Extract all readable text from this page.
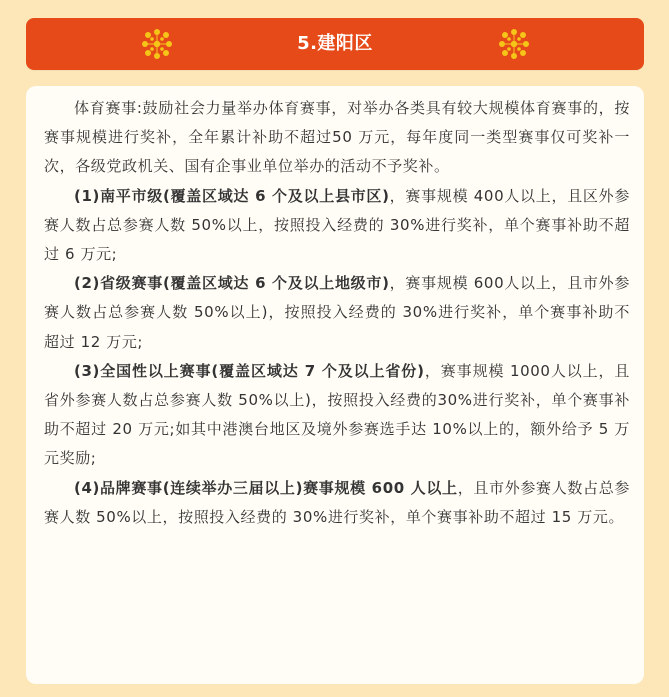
5.建阳区

体育赛事:鼓励社会力量举办体育赛事，对举办各类具有较大规模体育赛事的，按赛事规模进行奖补，全年累计补助不超过50 万元，每年度同一类型赛事仅可奖补一次，各级党政机关、国有企事业单位举办的活动不予奖补。

(1)南平市级(覆盖区域达 6 个及以上县市区)，赛事规模 400人以上，且区外参赛人数占总参赛人数 50%以上，按照投入经费的 30%进行奖补，单个赛事补助不超过 6 万元;

(2)省级赛事(覆盖区域达 6 个及以上地级市)，赛事规模 600人以上，且市外参赛人数占总参赛人数 50%以上)，按照投入经费的 30%进行奖补，单个赛事补助不超过 12 万元;

(3)全国性以上赛事(覆盖区域达 7 个及以上省份)，赛事规模 1000人以上，且省外参赛人数占总参赛人数 50%以上)，按照投入经费的30%进行奖补，单个赛事补助不超过 20 万元;如其中港澳台地区及境外参赛选手达 10%以上的，额外给予 5 万元奖励;

(4)品牌赛事(连续举办三届以上)赛事规模 600 人以上，且市外参赛人数占总参赛人数 50%以上，按照投入经费的 30%进行奖补，单个赛事补助不超过 15 万元。
